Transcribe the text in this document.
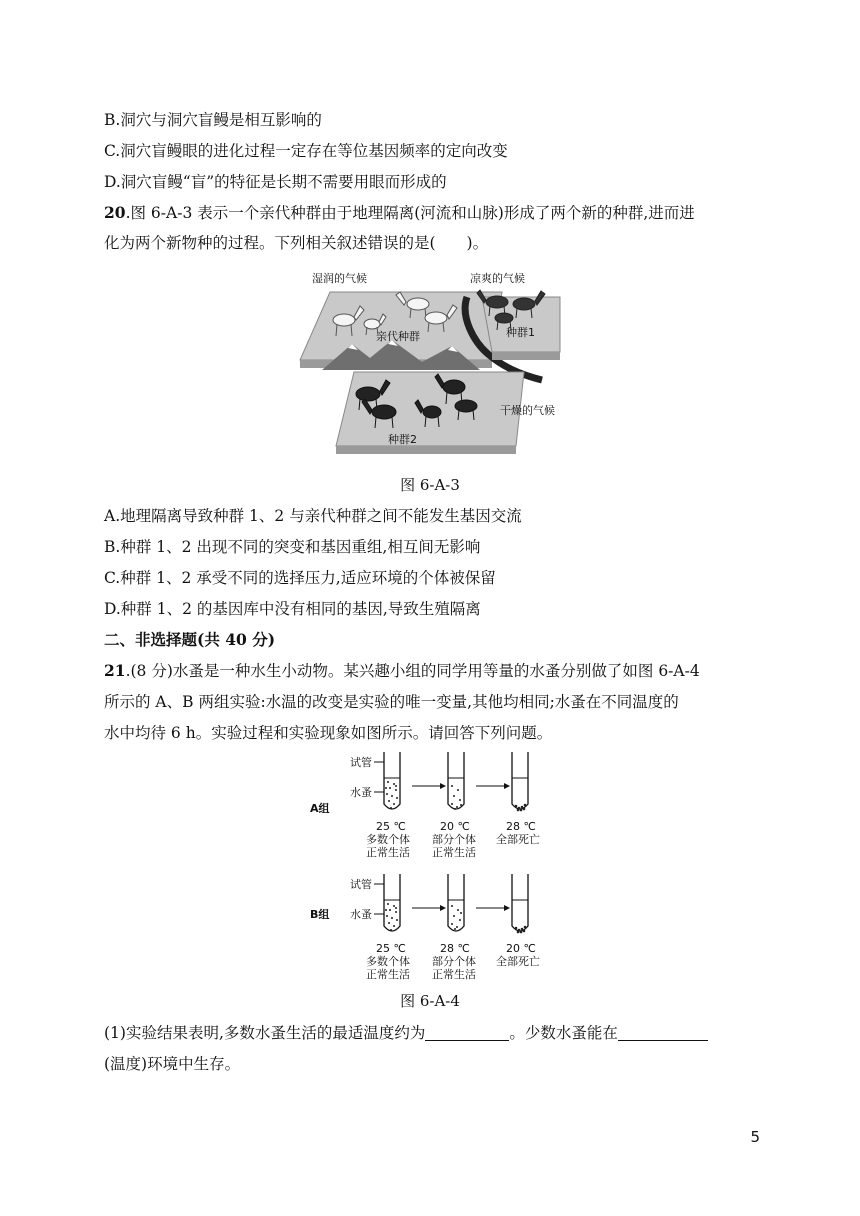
B.洞穴与洞穴盲鳗是相互影响的
C.洞穴盲鳗眼的进化过程一定存在等位基因频率的定向改变
D.洞穴盲鳗“盲”的特征是长期不需要用眼而形成的
20.图 6-A-3 表示一个亲代种群由于地理隔离(河流和山脉)形成了两个新的种群,进而进
化为两个新物种的过程。下列相关叙述错误的是(　　)。
湿润的气候	凉爽的气候
亲代种群	种群1
干燥的气候
种群2
图 6-A-3
A.地理隔离导致种群 1、2 与亲代种群之间不能发生基因交流
B.种群 1、2 出现不同的突变和基因重组,相互间无影响
C.种群 1、2 承受不同的选择压力,适应环境的个体被保留
D.种群 1、2 的基因库中没有相同的基因,导致生殖隔离
二、非选择题(共 40 分)
21.(8 分)水蚤是一种水生小动物。某兴趣小组的同学用等量的水蚤分别做了如图 6-A-4
所示的 A、B 两组实验:水温的改变是实验的唯一变量,其他均相同;水蚤在不同温度的
水中均待 6 h。实验过程和实验现象如图所示。请回答下列问题。
试管
水蚤
A组
25 ℃
多数个体
正常生活
20 ℃
部分个体
正常生活
28 ℃
全部死亡
试管
水蚤
B组
25 ℃
多数个体
正常生活
28 ℃
部分个体
正常生活
20 ℃
全部死亡
图 6-A-4
(1)实验结果表明,多数水蚤生活的最适温度约为	。少数水蚤能在
(温度)环境中生存。
5
